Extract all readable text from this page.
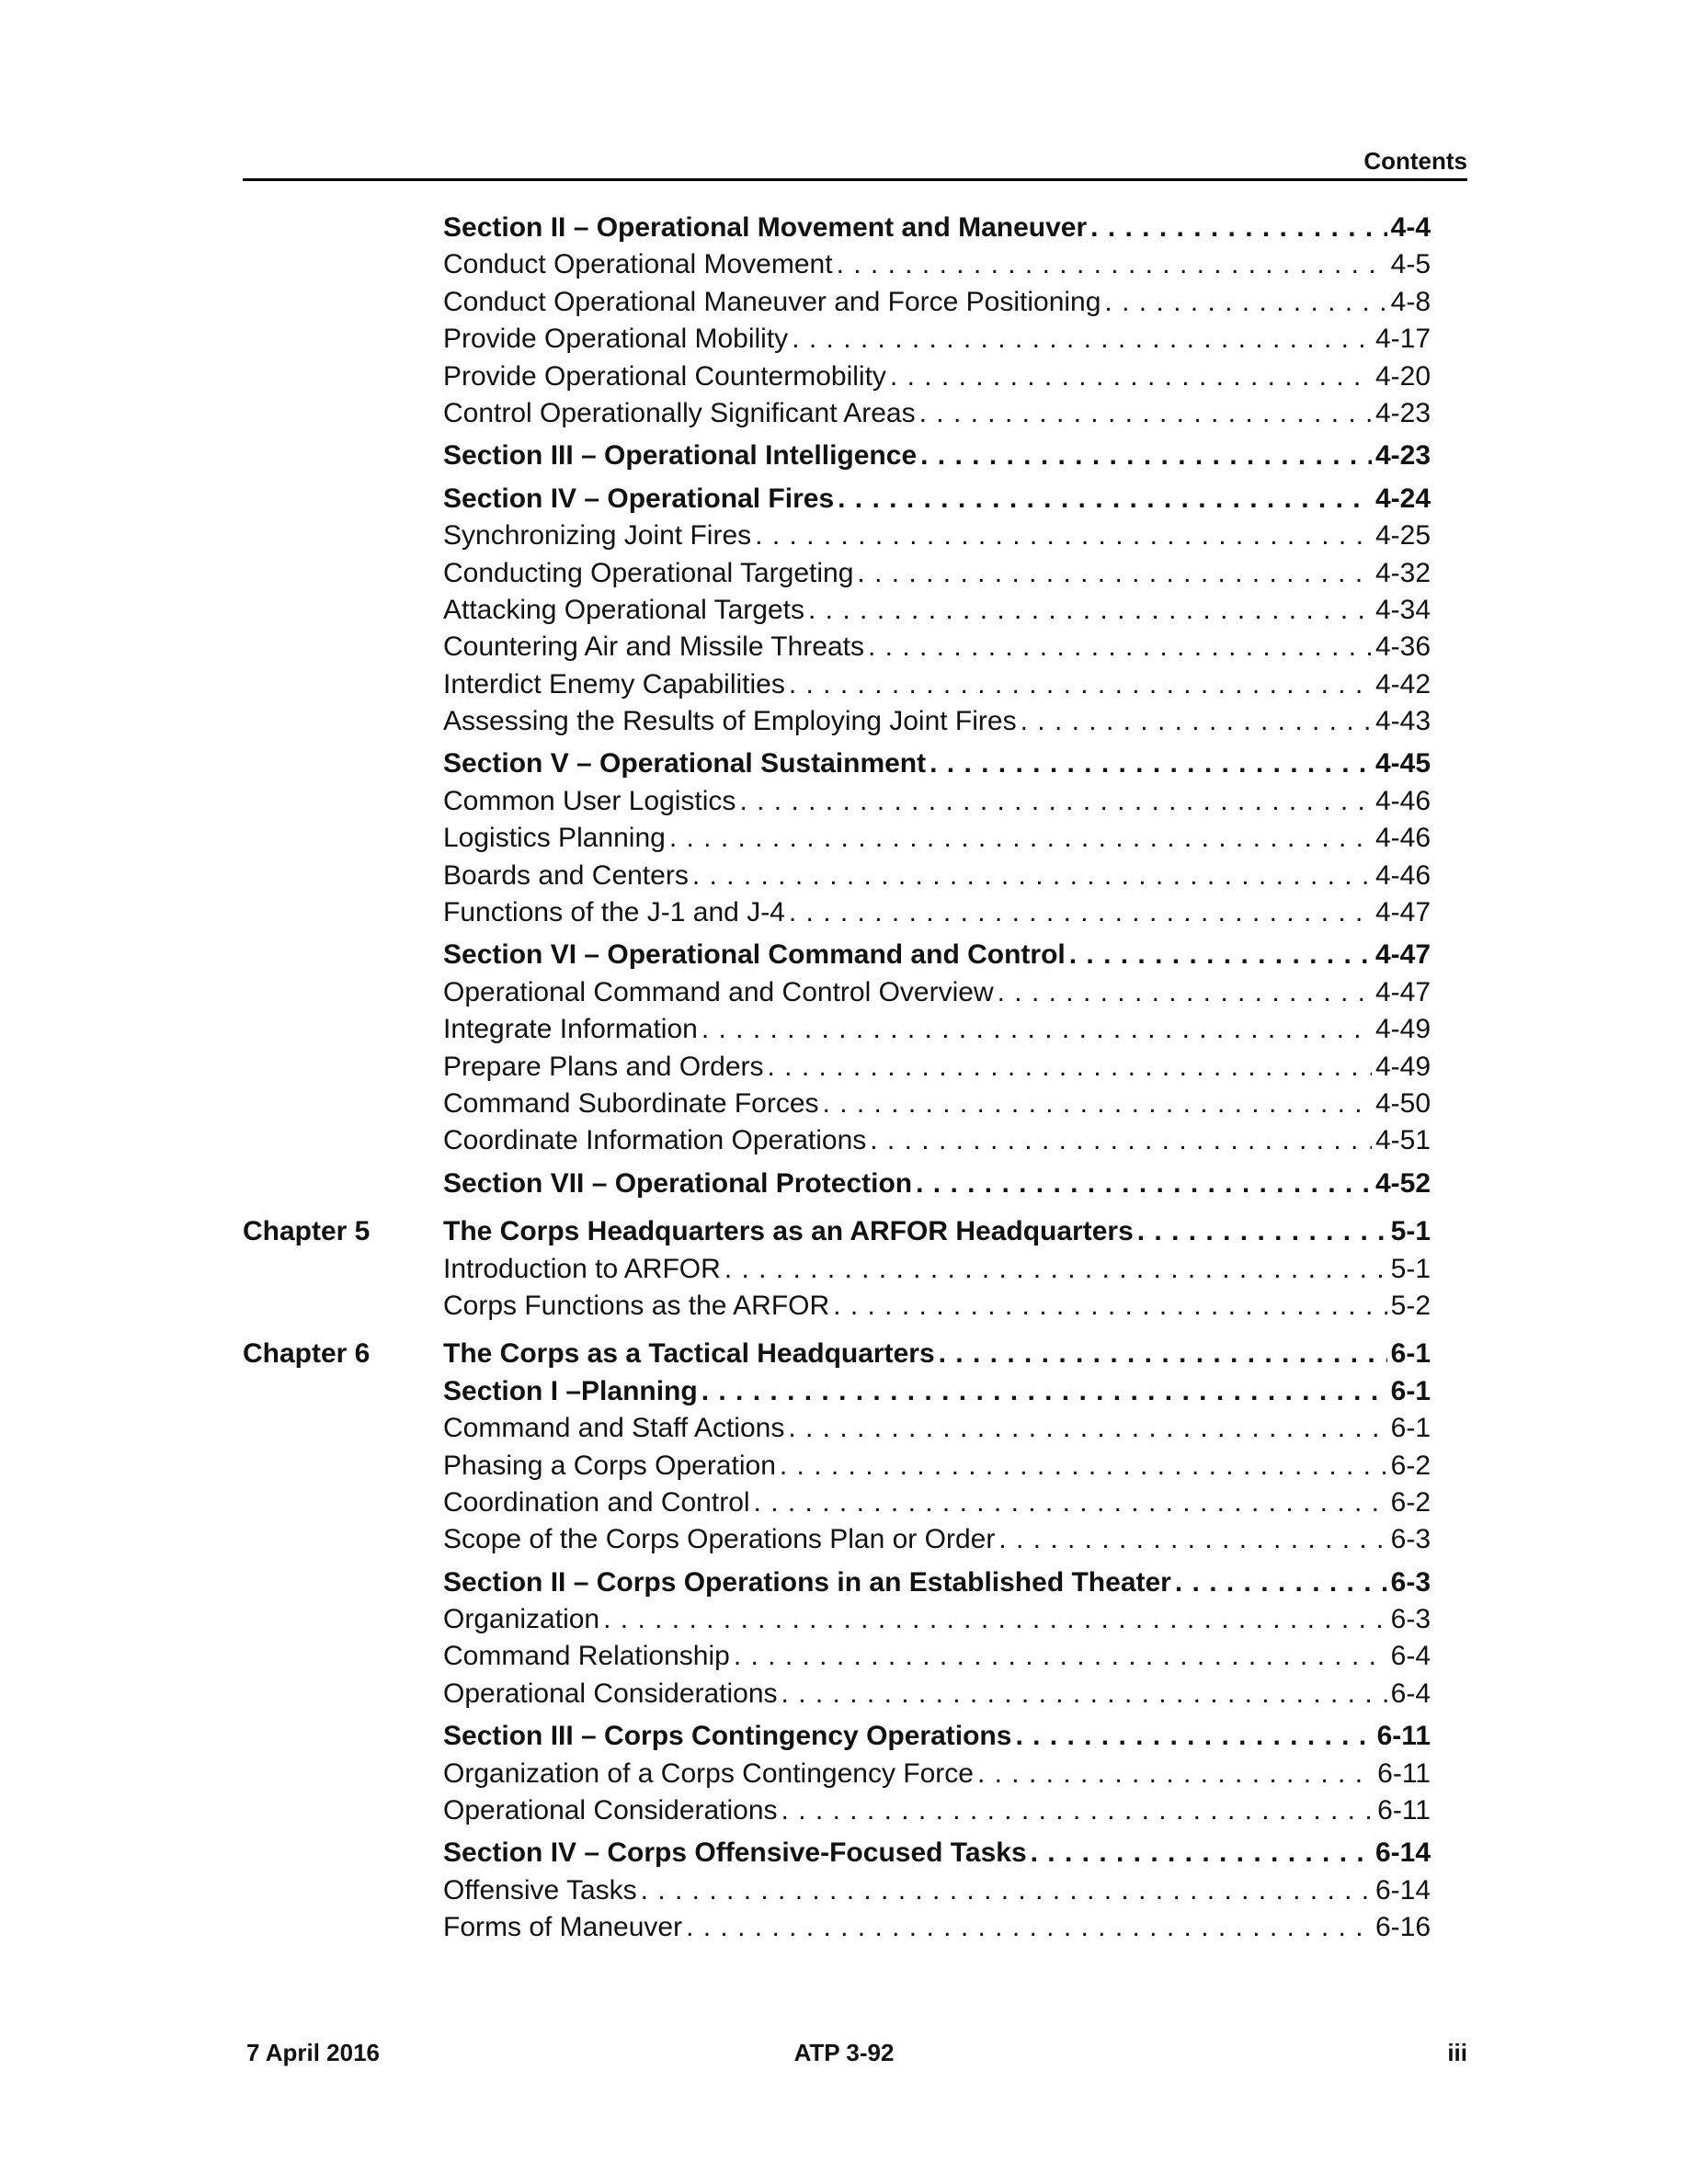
Contents
Section II – Operational Movement and Maneuver . . .	4-4
Conduct Operational Movement . . .	4-5
Conduct Operational Maneuver and Force Positioning . . .	4-8
Provide Operational Mobility . . .	4-17
Provide Operational Countermobility . . .	4-20
Control Operationally Significant Areas . . .	4-23
Section III – Operational Intelligence . . .	4-23
Section IV – Operational Fires . . .	4-24
Synchronizing Joint Fires . . .	4-25
Conducting Operational Targeting . . .	4-32
Attacking Operational Targets . . .	4-34
Countering Air and Missile Threats . . .	4-36
Interdict Enemy Capabilities . . .	4-42
Assessing the Results of Employing Joint Fires . . .	4-43
Section V – Operational Sustainment . . .	4-45
Common User Logistics . . .	4-46
Logistics Planning . . .	4-46
Boards and Centers . . .	4-46
Functions of the J-1 and J-4 . . .	4-47
Section VI – Operational Command and Control . . .	4-47
Operational Command and Control Overview . . .	4-47
Integrate Information . . .	4-49
Prepare Plans and Orders . . .	4-49
Command Subordinate Forces . . .	4-50
Coordinate Information Operations . . .	4-51
Section VII – Operational Protection . . .	4-52
Chapter 5	The Corps Headquarters as an ARFOR Headquarters . . .	5-1
Introduction to ARFOR . . .	5-1
Corps Functions as the ARFOR . . .	5-2
Chapter 6	The Corps as a Tactical Headquarters . . .	6-1
Section I –Planning . . .	6-1
Command and Staff Actions . . .	6-1
Phasing a Corps Operation . . .	6-2
Coordination and Control . . .	6-2
Scope of the Corps Operations Plan or Order . . .	6-3
Section II – Corps Operations in an Established Theater . . .	6-3
Organization . . .	6-3
Command Relationship . . .	6-4
Operational Considerations . . .	6-4
Section III – Corps Contingency Operations . . .	6-11
Organization of a Corps Contingency Force . . .	6-11
Operational Considerations . . .	6-11
Section IV – Corps Offensive-Focused Tasks . . .	6-14
Offensive Tasks . . .	6-14
Forms of Maneuver . . .	6-16
7 April 2016	ATP 3-92	iii
